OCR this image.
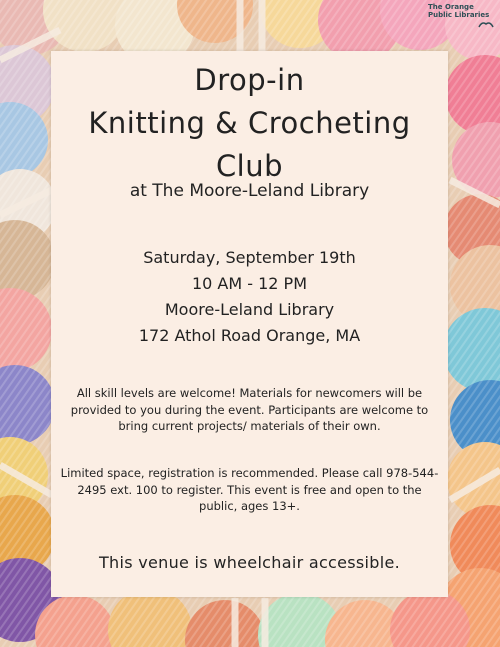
The Orange Public Libraries
Drop-in
Knitting & Crocheting
Club
at The Moore-Leland Library
Saturday, September 19th
10 AM - 12 PM
Moore-Leland Library
172 Athol Road Orange, MA
All skill levels are welcome! Materials for newcomers will be provided to you during the event. Participants are welcome to bring current projects/ materials of their own.
Limited space, registration is recommended. Please call 978-544-2495 ext. 100 to register. This event is free and open to the public, ages 13+.
This venue is wheelchair accessible.
